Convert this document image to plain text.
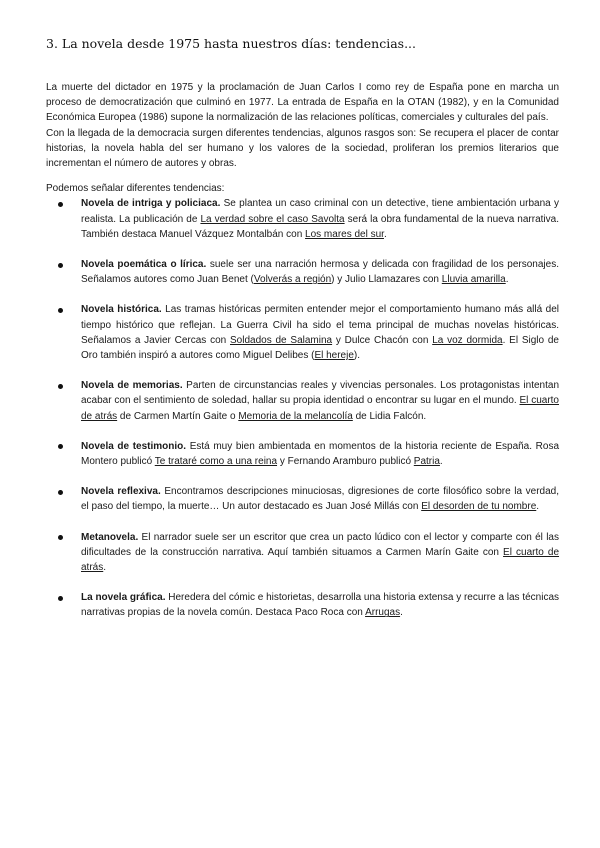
3. La novela desde 1975 hasta nuestros días: tendencias...

La muerte del dictador en 1975 y la proclamación de Juan Carlos I como rey de España pone en marcha un proceso de democratización que culminó en 1977. La entrada de España en la OTAN (1982), y en la Comunidad Económica Europea (1986) supone la normalización de las relaciones políticas, comerciales y culturales del país.

Con la llegada de la democracia surgen diferentes tendencias, algunos rasgos son: Se recupera el placer de contar historias, la novela habla del ser humano y los valores de la sociedad, proliferan los premios literarios que incrementan el número de autores y obras.

Podemos señalar diferentes tendencias:

Novela de intriga y policiaca. Se plantea un caso criminal con un detective, tiene ambientación urbana y realista. La publicación de La verdad sobre el caso Savolta será la obra fundamental de la nueva narrativa. También destaca Manuel Vázquez Montalbán con Los mares del sur.
Novela poemática o lírica. suele ser una narración hermosa y delicada con fragilidad de los personajes. Señalamos autores como Juan Benet (Volverás a región) y Julio Llamazares con Lluvia amarilla.
Novela histórica. Las tramas históricas permiten entender mejor el comportamiento humano más allá del tiempo histórico que reflejan. La Guerra Civil ha sido el tema principal de muchas novelas históricas. Señalamos a Javier Cercas con Soldados de Salamina y Dulce Chacón con La voz dormida. El Siglo de Oro también inspiró a autores como Miguel Delibes (El hereje).
Novela de memorias. Parten de circunstancias reales y vivencias personales. Los protagonistas intentan acabar con el sentimiento de soledad, hallar su propia identidad o encontrar su lugar en el mundo. El cuarto de atrás de Carmen Martín Gaite o Memoria de la melancolía de Lidia Falcón.
Novela de testimonio. Está muy bien ambientada en momentos de la historia reciente de España. Rosa Montero publicó Te trataré como a una reina y Fernando Aramburo publicó Patria.
Novela reflexiva. Encontramos descripciones minuciosas, digresiones de corte filosófico sobre la verdad, el paso del tiempo, la muerte… Un autor destacado es Juan José Millás con El desorden de tu nombre.
Metanovela. El narrador suele ser un escritor que crea un pacto lúdico con el lector y comparte con él las dificultades de la construcción narrativa. Aquí también situamos a Carmen Marín Gaite con El cuarto de atrás.
La novela gráfica. Heredera del cómic e historietas, desarrolla una historia extensa y recurre a las técnicas narrativas propias de la novela común. Destaca Paco Roca con Arrugas.
